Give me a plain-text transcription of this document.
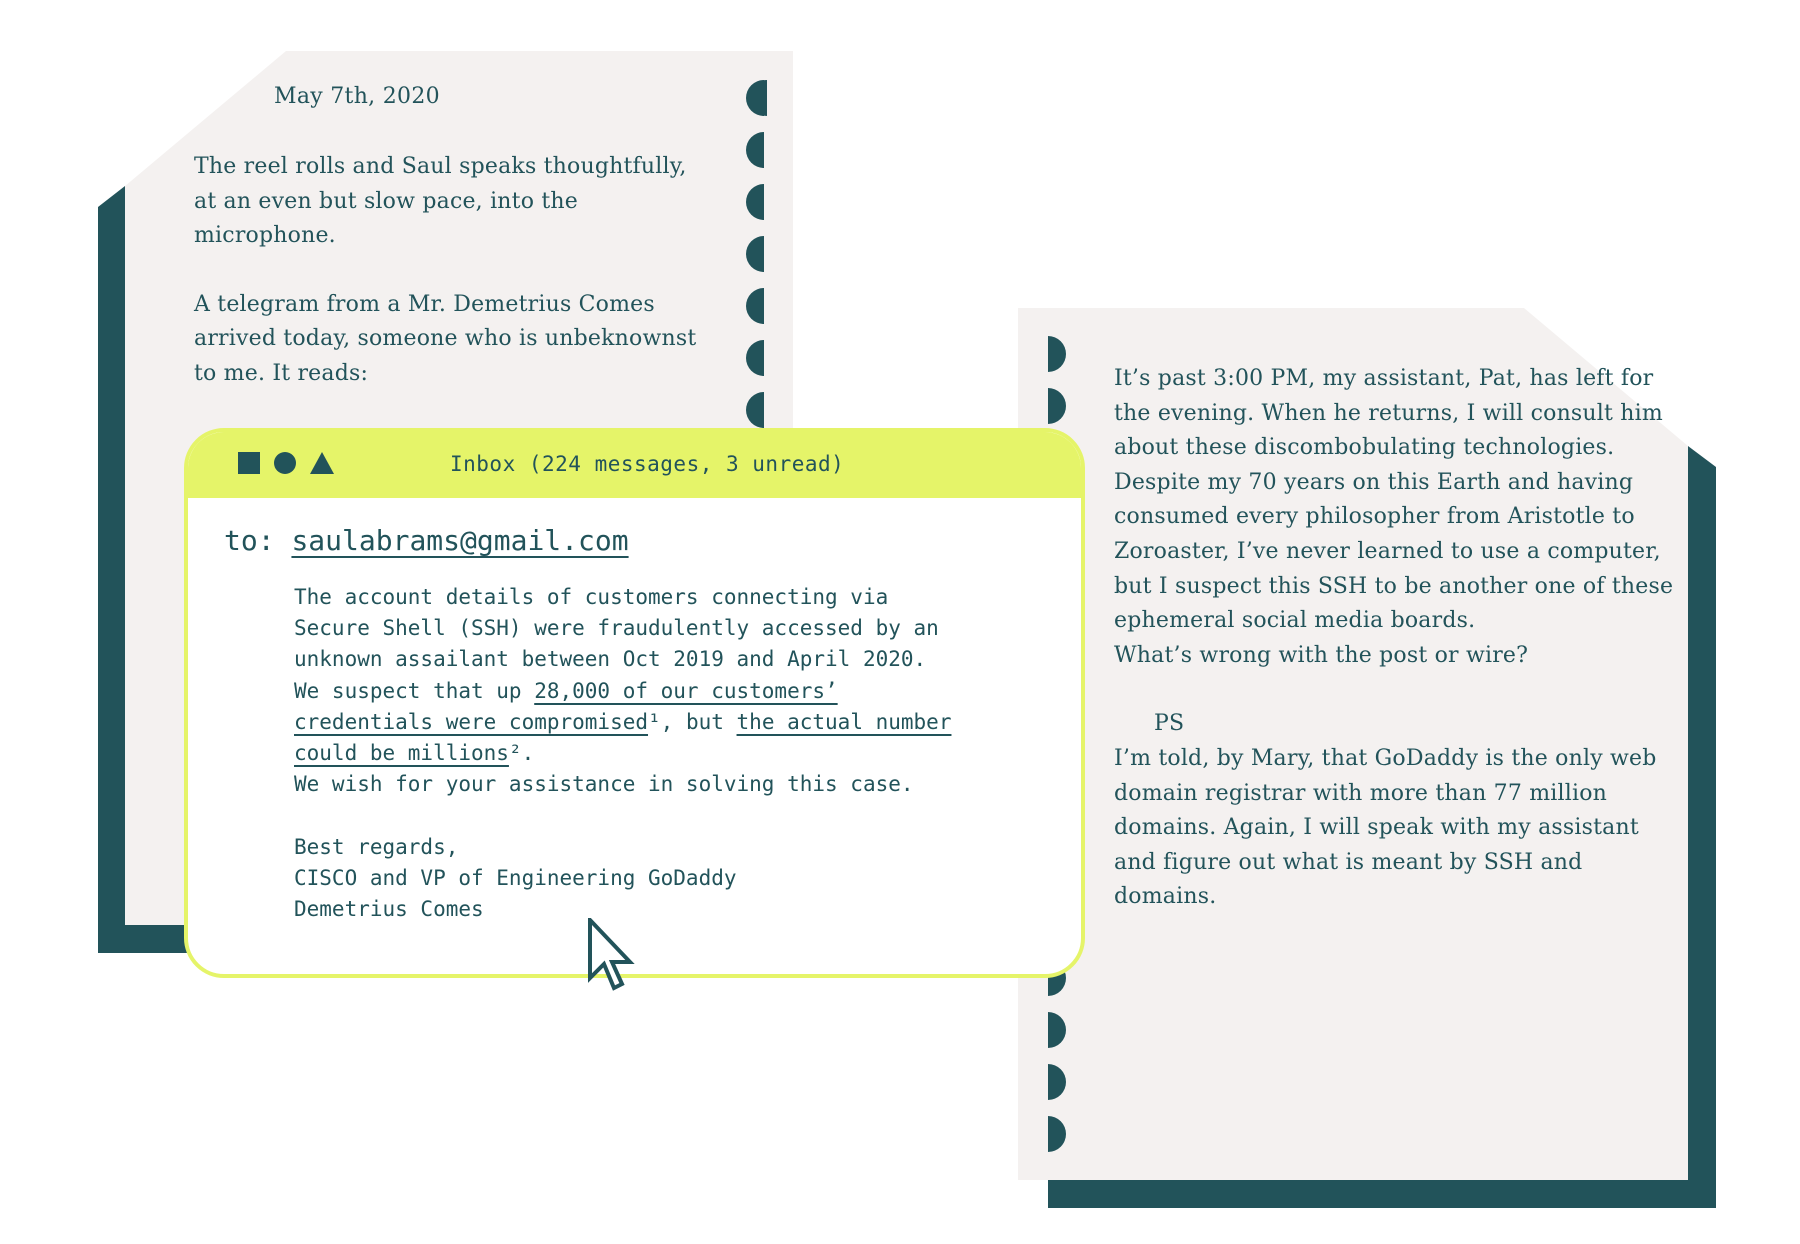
May 7th, 2020

The reel rolls and Saul speaks thoughtfully, at an even but slow pace, into the microphone.

A telegram from a Mr. Demetrius Comes arrived today, someone who is unbeknownst to me. It reads:	It’s past 3:00 PM, my assistant, Pat, has left for the evening. When he returns, I will consult him about these discombobulating technologies. Despite my 70 years on this Earth and having consumed every philosopher from Aristotle to Zoroaster, I’ve never learned to use a computer, but I suspect this SSH to be another one of these ephemeral social media boards.
What’s wrong with the post or wire?
PS
I’m told, by Mary, that GoDaddy is the only web domain registrar with more than 77 million domains. Again, I will speak with my assistant and figure out what is meant by SSH and domains.
Inbox (224 messages, 3 unread)
to: saulabrams@gmail.com
The account details of customers connecting via
Secure Shell (SSH) were fraudulently accessed by an
unknown assailant between Oct 2019 and April 2020.
We suspect that up 28,000 of our customers’
credentials were compromised¹, but the actual number
could be millions².
We wish for your assistance in solving this case.

Best regards,
CISCO and VP of Engineering GoDaddy
Demetrius Comes
